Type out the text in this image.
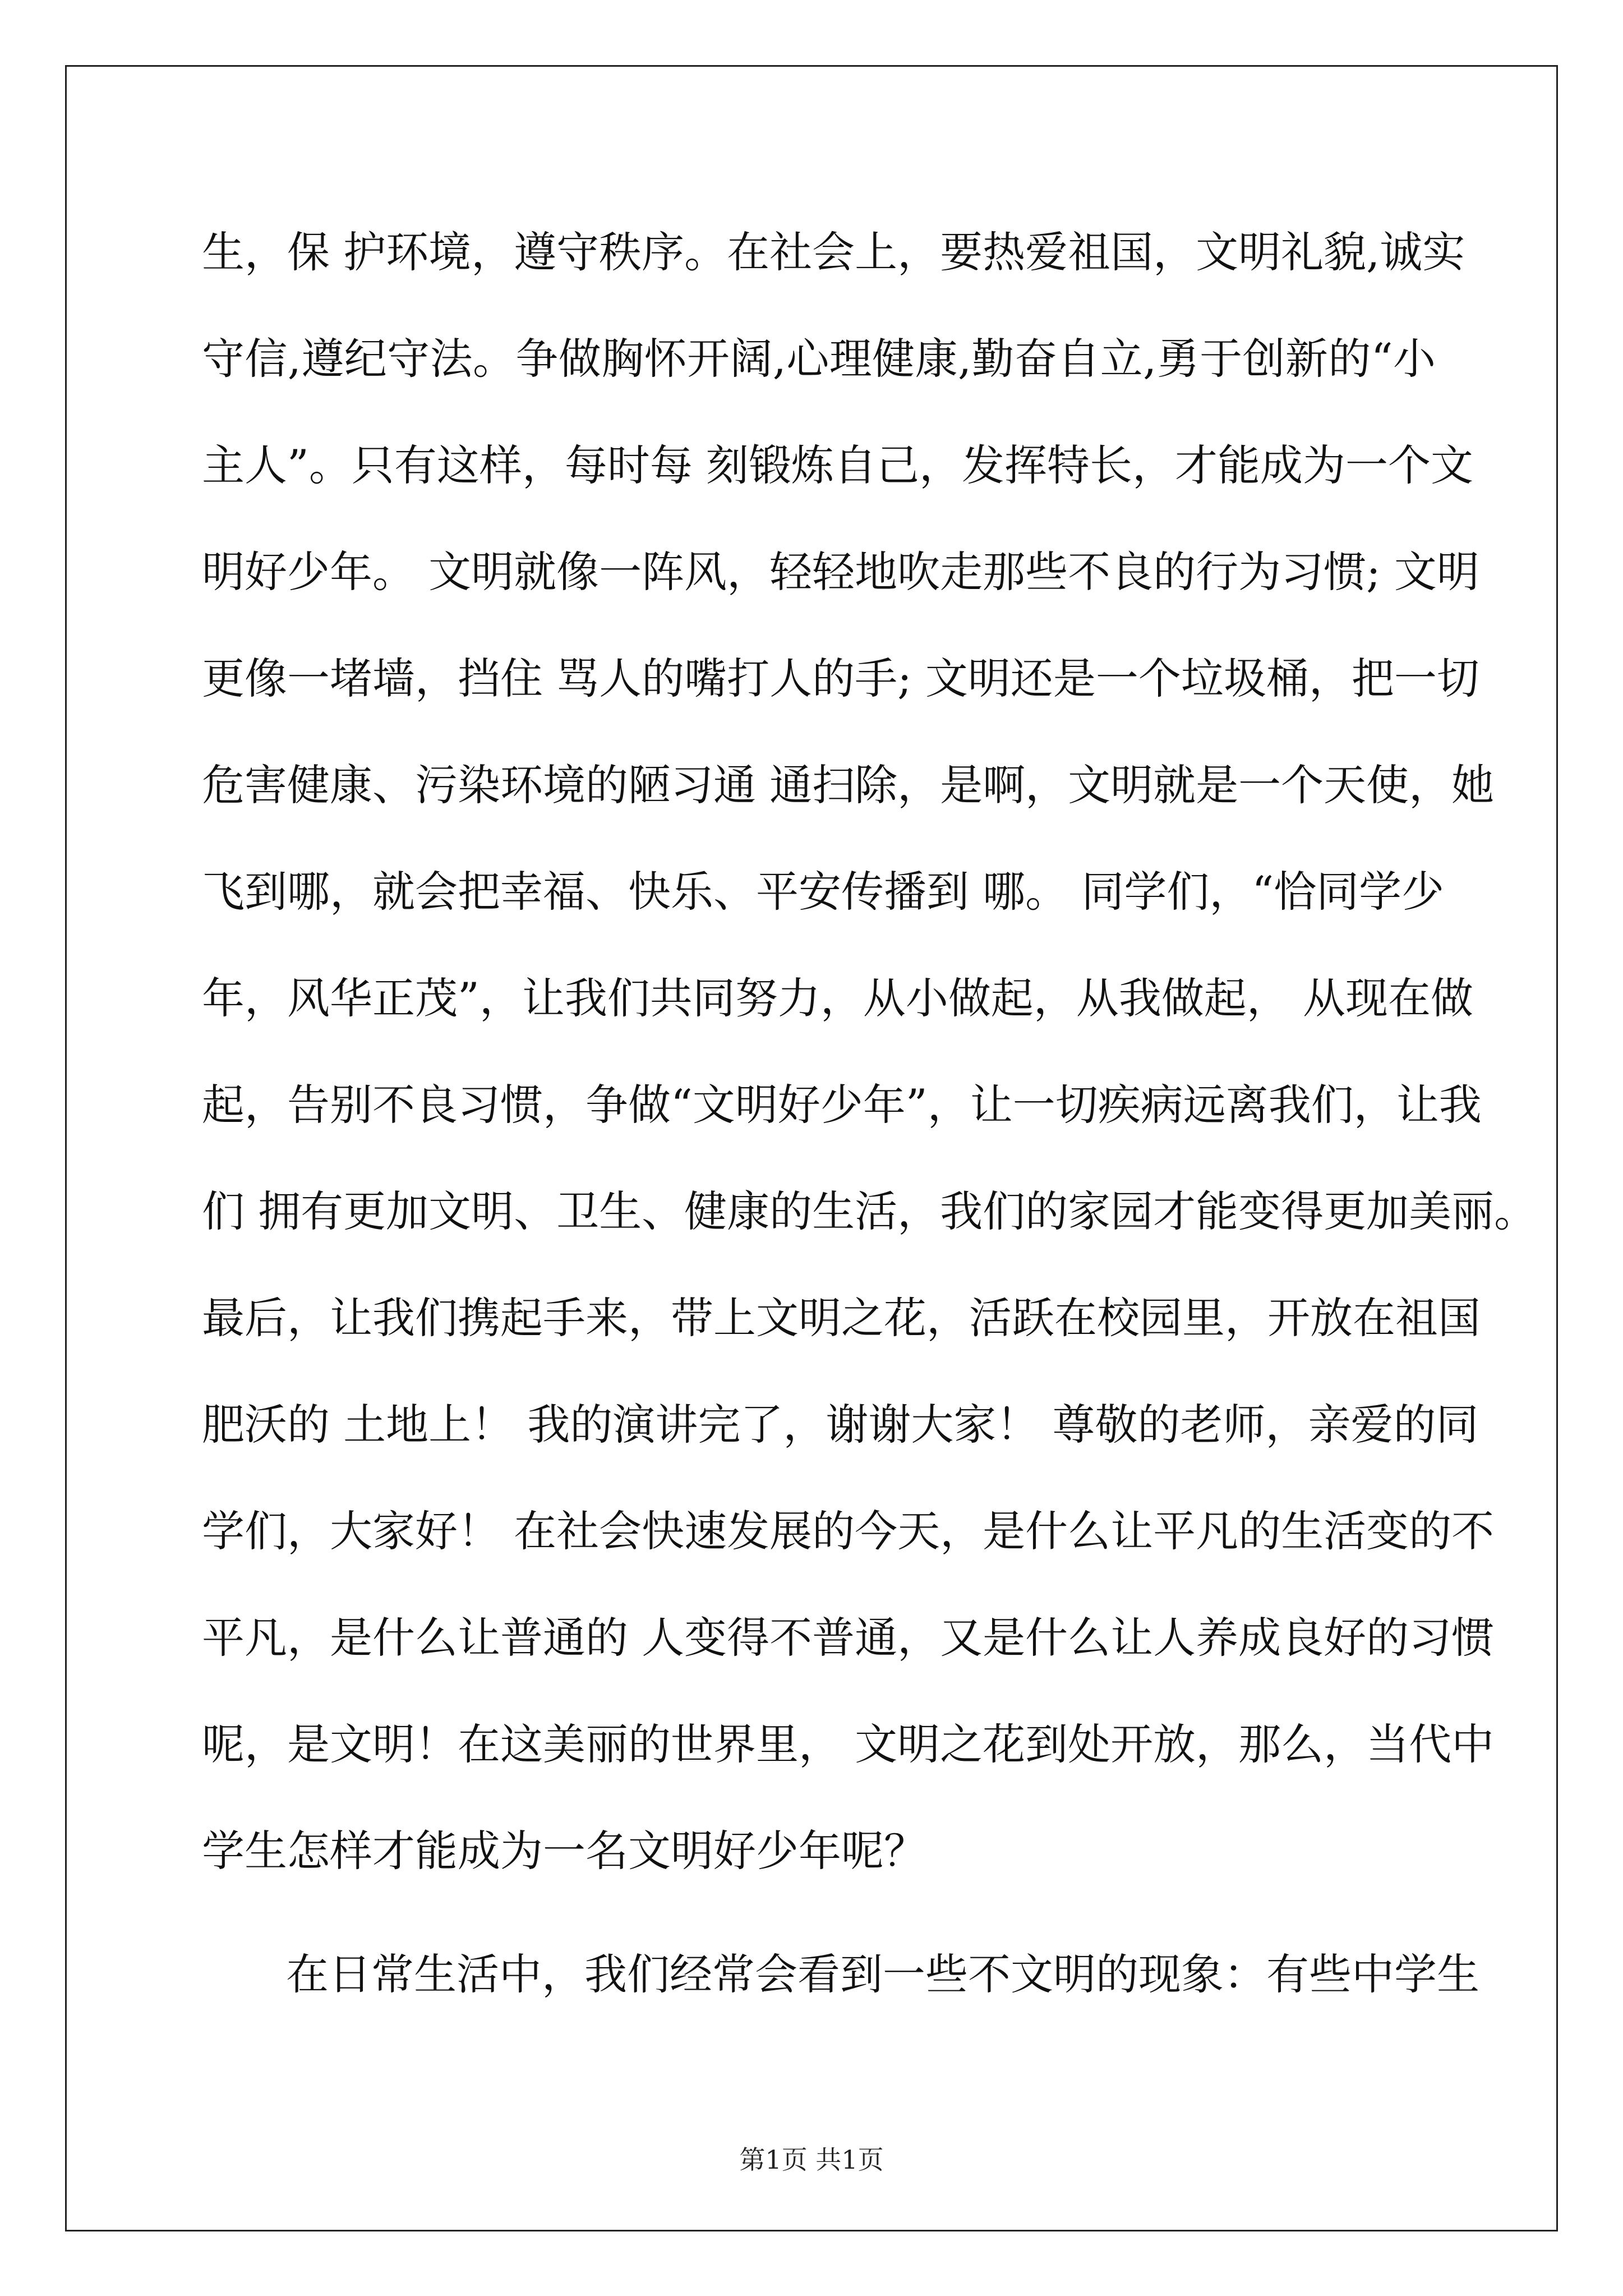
生，保 护环境，遵守秩序。在社会上，要热爱祖国，文明礼貌,诚实
守信,遵纪守法。争做胸怀开阔,心理健康,勤奋自立,勇于创新的“小
主人”。只有这样，每时每 刻锻炼自己，发挥特长，才能成为一个文
明好少年。 文明就像一阵风，轻轻地吹走那些不良的行为习惯; 文明
更像一堵墙，挡住 骂人的嘴打人的手; 文明还是一个垃圾桶，把一切
危害健康、污染环境的陋习通 通扫除，是啊，文明就是一个天使，她
飞到哪，就会把幸福、快乐、平安传播到 哪。 同学们，“恰同学少
年，风华正茂”，让我们共同努力，从小做起，从我做起， 从现在做
起，告别不良习惯，争做“文明好少年”，让一切疾病远离我们，让我
们 拥有更加文明、卫生、健康的生活，我们的家园才能变得更加美丽。
最后，让我们携起手来，带上文明之花，活跃在校园里，开放在祖国
肥沃的 土地上！ 我的演讲完了，谢谢大家！ 尊敬的老师，亲爱的同
学们，大家好！ 在社会快速发展的今天，是什么让平凡的生活变的不
平凡，是什么让普通的 人变得不普通，又是什么让人养成良好的习惯
呢，是文明！在这美丽的世界里， 文明之花到处开放，那么，当代中
学生怎样才能成为一名文明好少年呢？
在日常生活中，我们经常会看到一些不文明的现象：有些中学生
第1页 共1页
